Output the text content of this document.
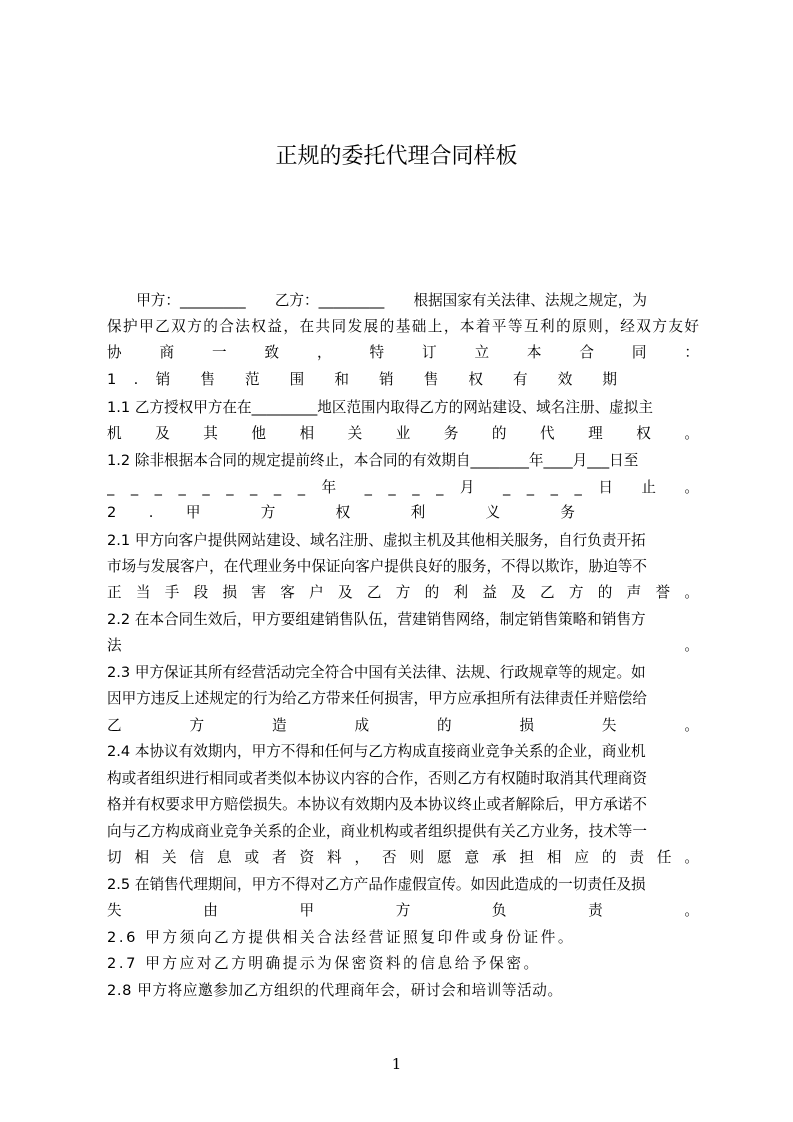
正规的委托代理合同样板
　　甲方：_________　　乙方：_________　　根据国家有关法律、法规之规定，为
保护甲乙双方的合法权益，在共同发展的基础上，本着平等互利的原则，经双方友好
协 商 一 致 ， 特 订 立 本 合 同 ：
1 . 销 售 范 围 和 销 售 权 有 效 期
1.1 乙方授权甲方在在_________地区范围内取得乙方的网站建设、域名注册、虚拟主
机 及 其 他 相 关 业 务 的 代 理 权 。
1.2 除非根据本合同的规定提前终止，本合同的有效期自________年____月___日至
_ _ _ _ _ _ _ _ _ 年 _ _ _ _ 月 _ _ _ _ 日 止 。
2 . 甲 方 权 利 义 务
2.1 甲方向客户提供网站建设、域名注册、虚拟主机及其他相关服务，自行负责开拓
市场与发展客户，在代理业务中保证向客户提供良好的服务，不得以欺诈，胁迫等不
正 当 手 段 损 害 客 户 及 乙 方 的 利 益 及 乙 方 的 声 誉 。
2.2 在本合同生效后，甲方要组建销售队伍，营建销售网络，制定销售策略和销售方
法 。
2.3 甲方保证其所有经营活动完全符合中国有关法律、法规、行政规章等的规定。如
因甲方违反上述规定的行为给乙方带来任何损害，甲方应承担所有法律责任并赔偿给
乙 方 造 成 的 损 失 。
2.4 本协议有效期内，甲方不得和任何与乙方构成直接商业竞争关系的企业，商业机
构或者组织进行相同或者类似本协议内容的合作，否则乙方有权随时取消其代理商资
格并有权要求甲方赔偿损失。本协议有效期内及本协议终止或者解除后，甲方承诺不
向与乙方构成商业竞争关系的企业，商业机构或者组织提供有关乙方业务，技术等一
切 相 关 信 息 或 者 资 料 ， 否 则 愿 意 承 担 相 应 的 责 任 。
2.5 在销售代理期间，甲方不得对乙方产品作虚假宣传。如因此造成的一切责任及损
失 由 甲 方 负 责 。
2.6 甲方须向乙方提供相关合法经营证照复印件或身份证件。
2.7 甲方应对乙方明确提示为保密资料的信息给予保密。
2.8 甲方将应邀参加乙方组织的代理商年会，研讨会和培训等活动。
1
